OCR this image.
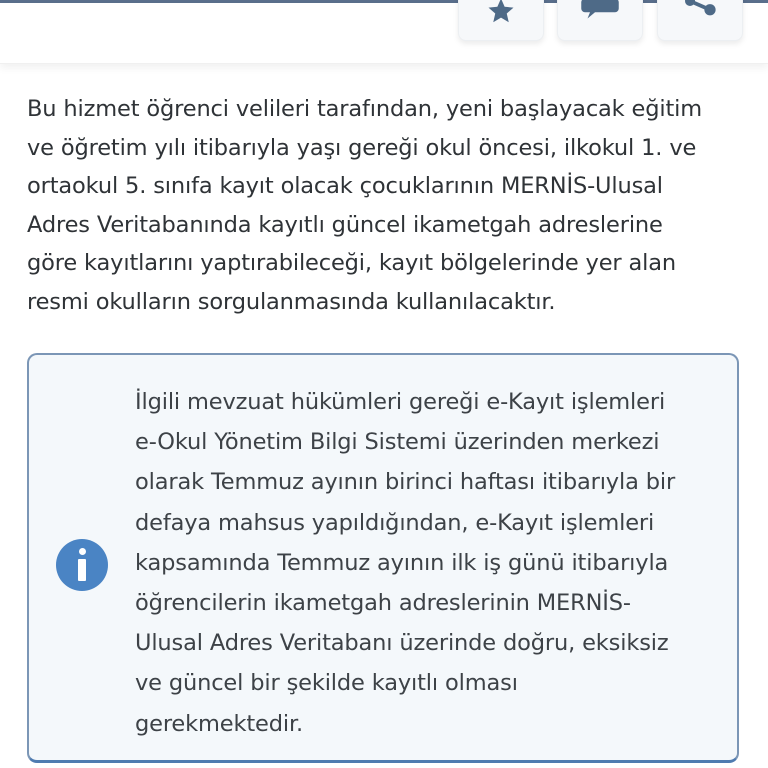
Bu hizmet öğrenci velileri tarafından, yeni başlayacak eğitim
ve öğretim yılı itibarıyla yaşı gereği okul öncesi, ilkokul 1. ve
ortaokul 5. sınıfa kayıt olacak çocuklarının MERNİS-Ulusal
Adres Veritabanında kayıtlı güncel ikametgah adreslerine
göre kayıtlarını yaptırabileceği, kayıt bölgelerinde yer alan
resmi okulların sorgulanmasında kullanılacaktır.

İlgili mevzuat hükümleri gereği e-Kayıt işlemleri
e-Okul Yönetim Bilgi Sistemi üzerinden merkezi
olarak Temmuz ayının birinci haftası itibarıyla bir
defaya mahsus yapıldığından, e-Kayıt işlemleri
kapsamında Temmuz ayının ilk iş günü itibarıyla
öğrencilerin ikametgah adreslerinin MERNİS-
Ulusal Adres Veritabanı üzerinde doğru, eksiksiz
ve güncel bir şekilde kayıtlı olması
gerekmektedir.
